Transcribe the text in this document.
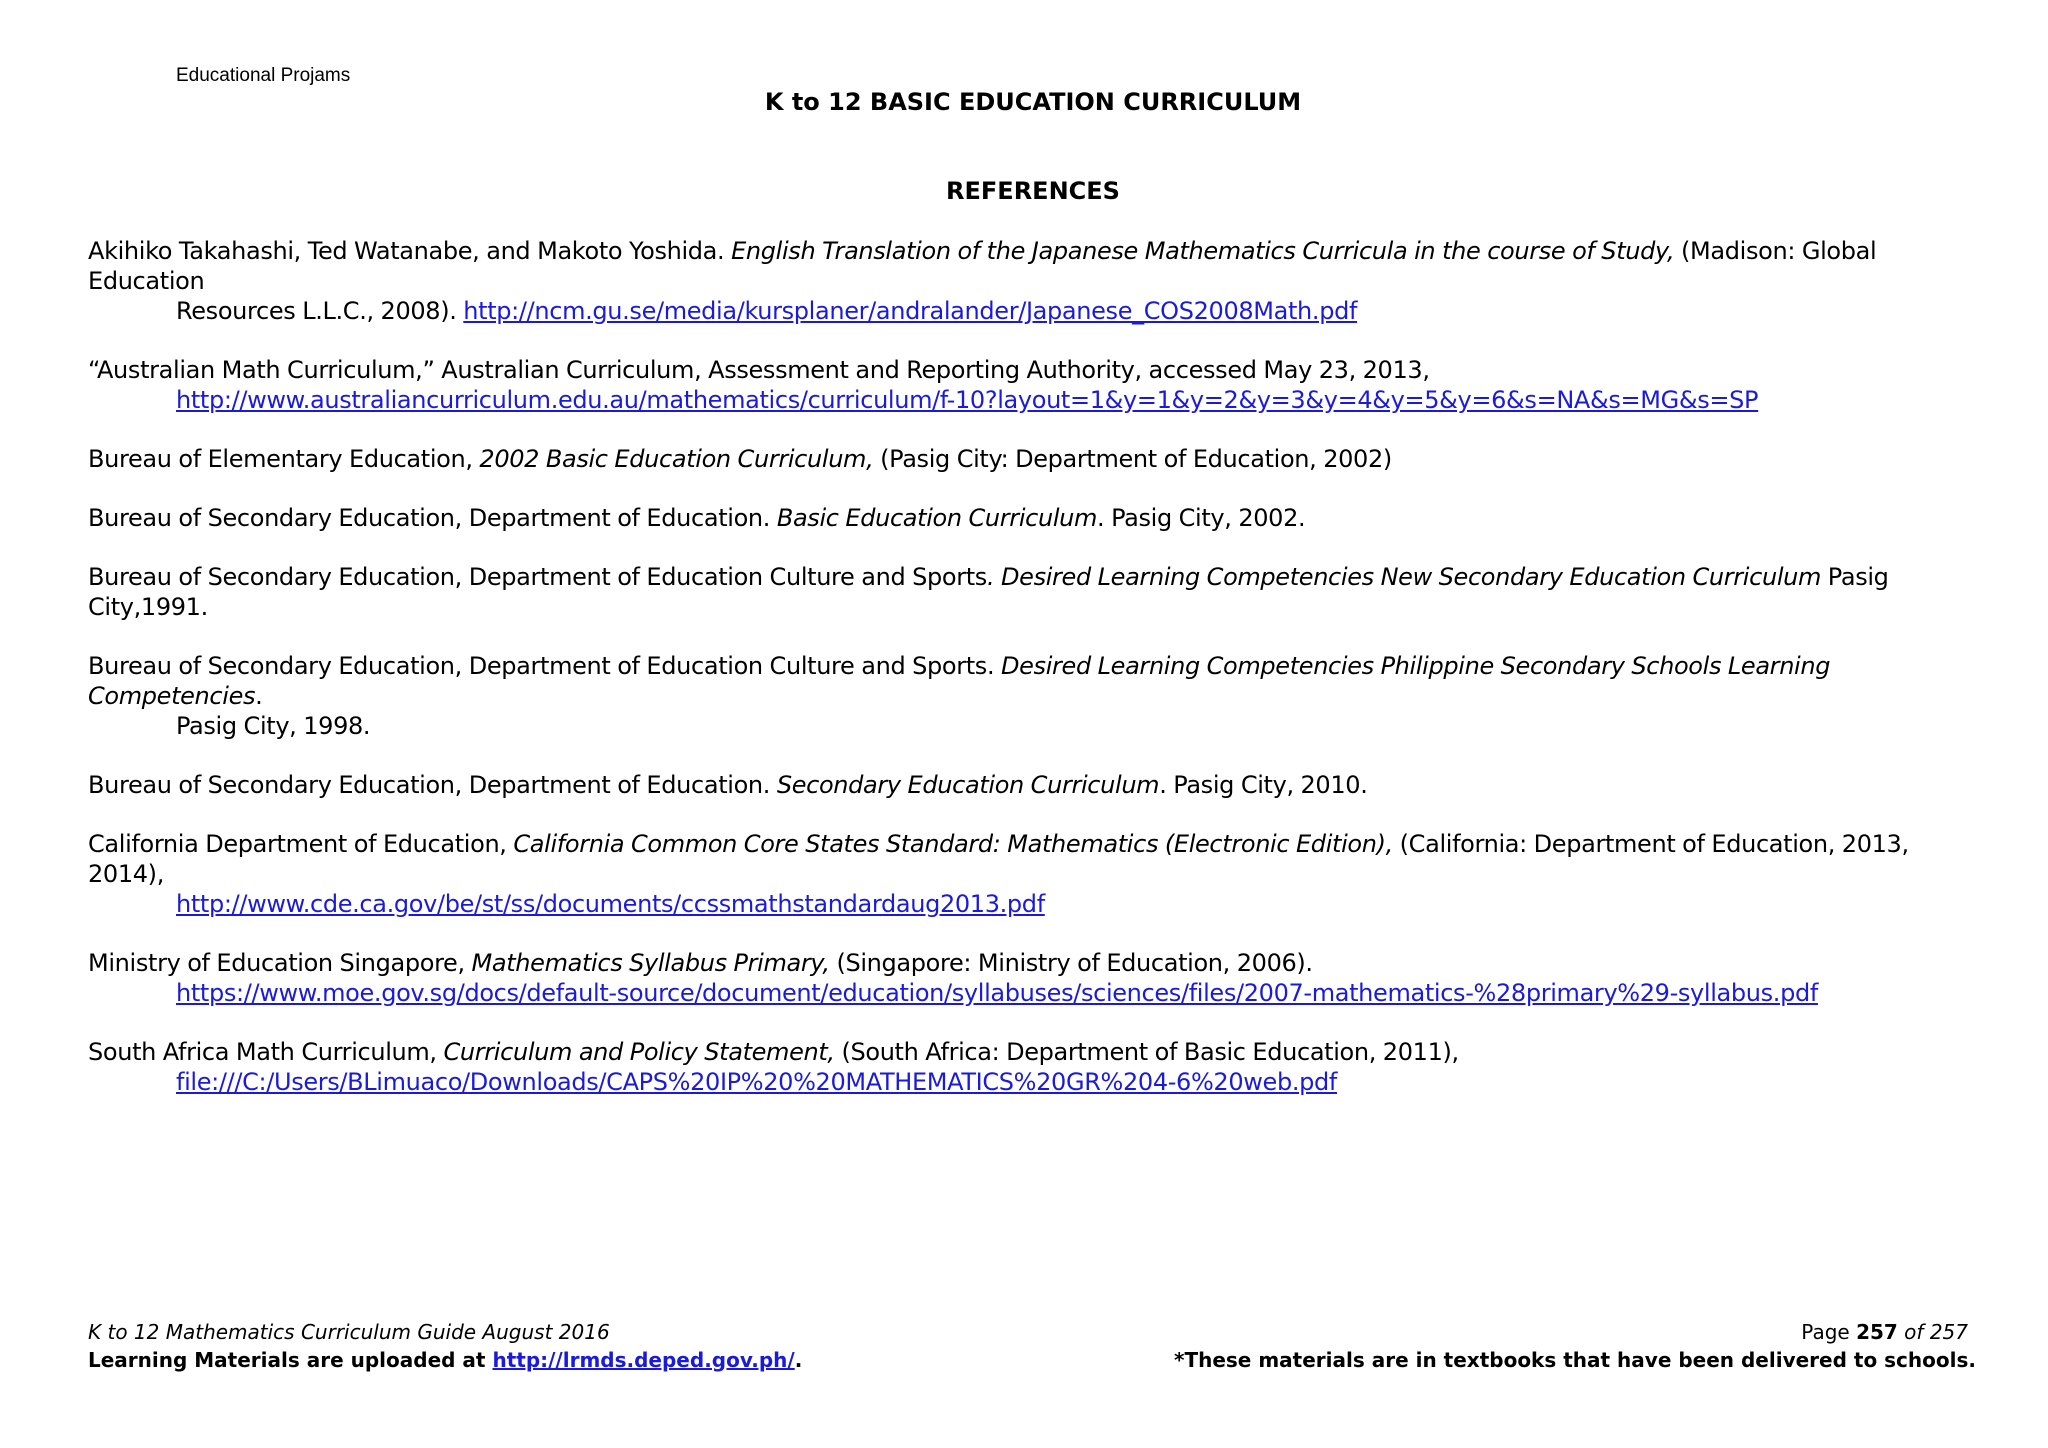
Educational Projams
K to 12 BASIC EDUCATION CURRICULUM
REFERENCES
Akihiko Takahashi, Ted Watanabe, and Makoto Yoshida. English Translation of the Japanese Mathematics Curricula in the course of Study, (Madison: Global Education
Resources L.L.C., 2008). http://ncm.gu.se/media/kursplaner/andralander/Japanese_COS2008Math.pdf
“Australian Math Curriculum,” Australian Curriculum, Assessment and Reporting Authority, accessed May 23, 2013,
http://www.australiancurriculum.edu.au/mathematics/curriculum/f-10?layout=1&y=1&y=2&y=3&y=4&y=5&y=6&s=NA&s=MG&s=SP
Bureau of Elementary Education, 2002 Basic Education Curriculum, (Pasig City: Department of Education, 2002)
Bureau of Secondary Education, Department of Education. Basic Education Curriculum. Pasig City, 2002.
Bureau of Secondary Education, Department of Education Culture and Sports. Desired Learning Competencies New Secondary Education Curriculum Pasig City,1991.
Bureau of Secondary Education, Department of Education Culture and Sports. Desired Learning Competencies Philippine Secondary Schools Learning Competencies.
Pasig City, 1998.
Bureau of Secondary Education, Department of Education. Secondary Education Curriculum. Pasig City, 2010.
California Department of Education, California Common Core States Standard: Mathematics (Electronic Edition), (California: Department of Education, 2013, 2014),
http://www.cde.ca.gov/be/st/ss/documents/ccssmathstandardaug2013.pdf
Ministry of Education Singapore, Mathematics Syllabus Primary, (Singapore: Ministry of Education, 2006).
https://www.moe.gov.sg/docs/default-source/document/education/syllabuses/sciences/files/2007-mathematics-%28primary%29-syllabus.pdf
South Africa Math Curriculum, Curriculum and Policy Statement, (South Africa: Department of Basic Education, 2011),
file:///C:/Users/BLimuaco/Downloads/CAPS%20IP%20%20MATHEMATICS%20GR%204-6%20web.pdf
K to 12 Mathematics Curriculum Guide August 2016
Learning Materials are uploaded at http://lrmds.deped.gov.ph/.
Page 257 of 257
*These materials are in textbooks that have been delivered to schools.
